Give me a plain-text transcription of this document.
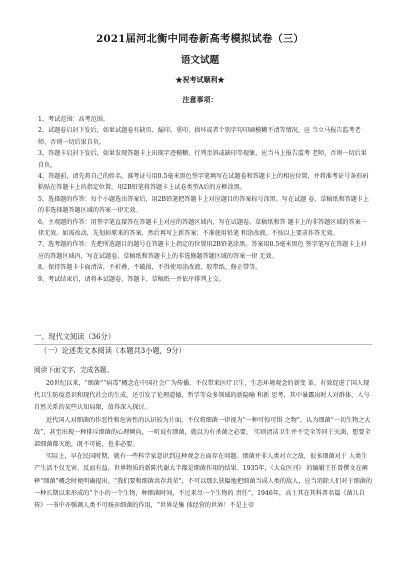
2021届河北衡中同卷新高考模拟试卷（三）
语文试题
★祝考试顺利★
注意事项：

1、考试范围：高考范围。

2、试题卷启封下发后，如果试题卷有缺页、漏印、重印、损坏或者个别字句印刷模糊不清等情况，应 当立马报告监考老师，否则一切后果自负。

3、答题卡启封下发后，如果发现答题卡上出现字迹模糊、行列歪斜或缺印等现象，应当马上报告监考 老师，否则一切后果自负。

4、答题前，请先将自己的姓名、准考证号用0.5毫米黑色签字笔填写在试题卷和答题卡上的相应位置，并将准考证号条形码粘贴在答题卡上的指定位置。用2B铅笔将答题卡上试卷类型A后的方框涂黑。

5、选择题的作答：每个小题选出答案后，用2B铅笔把答题卡上对应题目的答案标号涂黑。写在试题 卷、草稿纸和答题卡上的非选择题答题区域的答案一律无效。

6、主观题的作答：用签字笔直接答在答题卡上对应的答题区域内，写在试题卷、草稿纸和答 题卡上的非答题区域的答案一律无效。如需改动，先划掉原来的答案，然后再写上新答案；不准使用铅笔 和涂改液。不按以上要求作答无效。

7、选考题的作答：先把所选题目的题号在答题卡上指定的位置用2B铅笔涂黑。答案用0.5毫米黑色 签字笔写在答题卡上对应的答题区域内，写在试题卷、草稿纸和答题卡上的非选修题答题区域的答案一律 无效。

8、保持答题卡卡面清洁，不折叠，不破损，不得使用涂改液、胶带纸、修正带等。

9、考试结束后，请将本试题卷、答题卡、草稿纸一并依序排列上交。

一、现代文阅读（36分）
（一）论述类文本阅读（本题共3小题，9分）
阅读下面文字，完成各题。

20世纪以来，“细菌”“病毒”概念在中国社会广为传播，不仅带来医疗卫生、生态环境观念的新变 革，有效促进了国人现代卫生防疫意识和现代社会的生成，还引发了伦理道德、哲学等众多领域的新隐喻 和新 思考，其中暴露出时人对群体、人与自然关系的某些认知局限，值得深入探讨。

近代国人对细菌的作恶性和危害性的认识较为片面，不仅将细菌一律视为“一种可惊可惧 之物”，认为细菌“一切生物之大敌”，甚至出现一种排斥细菌的心理倾向，一听说有细菌，就以为有杀菌之必要， 实则清洁卫生并不完全等同于灭菌，想要全部细菌都灭绝，既不可能，也非必要。

实际上，早在民国时期，就有一些科学家意识到这种观念方面存在问题。细菌并非人类对立之敌，很多细菌对于 人类生产生活不仅无害，反而有益，世界物质的新陈代谢大半都是细菌作用的结果。1935年，《大众医刊》 的编辑王任曾撰文在阐释“细菌”概念时便明确提出，“我们要和细菌共存共荣”，不可以那么狭隘地把细菌当成人类的敌人，应当消除人们对于细菌的一种长期以来形成的“个小的一个生物，种细菌时间，不过来尽一个生物的 责任”。1946年，高士其在其科普名篇《菌儿自传》一书中亦强调人类不可扬弃细菌的作用，“世界是集 体经营的世界！不是上帝
